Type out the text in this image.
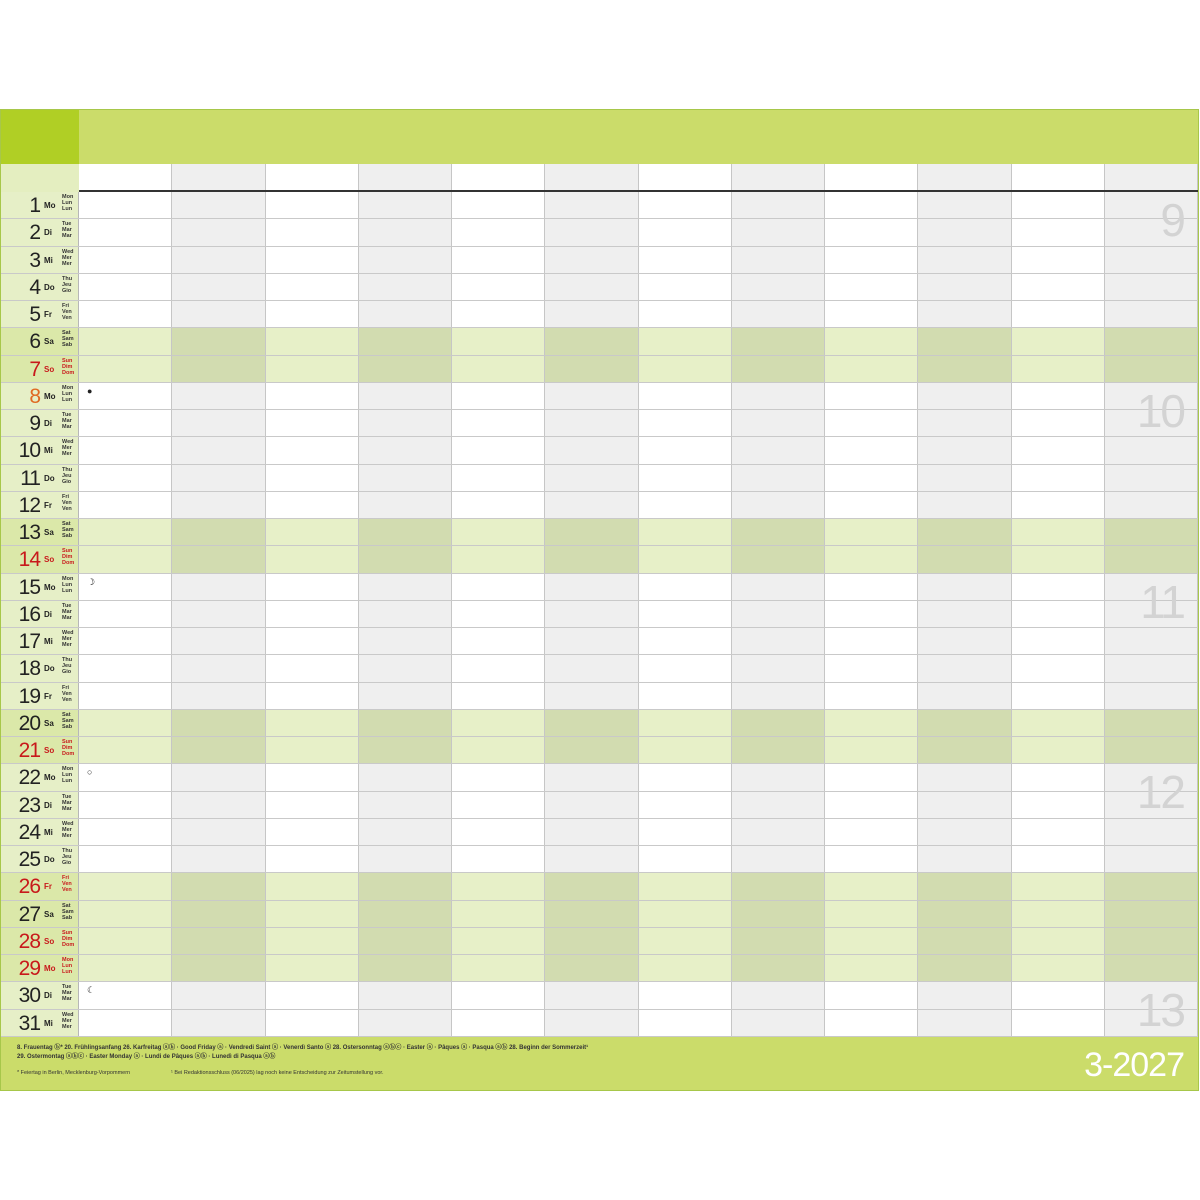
1 Mo
Mon
Lun
Lun
2 Di
Tue
Mar
Mar
3 Mi
Wed
Mer
Mer
4 Do
Thu
Jeu
Gio
5 Fr
Fri
Ven
Ven
6 Sa
Sat
Sam
Sab
7 So
Sun
Dim
Dom
8 Mo
Mon
Lun
Lun
●
9 Di
Tue
Mar
Mar
10 Mi
Wed
Mer
Mer
11 Do
Thu
Jeu
Gio
12 Fr
Fri
Ven
Ven
13 Sa
Sat
Sam
Sab
14 So
Sun
Dim
Dom
15 Mo
Mon
Lun
Lun
☽
16 Di
Tue
Mar
Mar
17 Mi
Wed
Mer
Mer
18 Do
Thu
Jeu
Gio
19 Fr
Fri
Ven
Ven
20 Sa
Sat
Sam
Sab
21 So
Sun
Dim
Dom
22 Mo
Mon
Lun
Lun
○
23 Di
Tue
Mar
Mar
24 Mi
Wed
Mer
Mer
25 Do
Thu
Jeu
Gio
26 Fr
Fri
Ven
Ven
27 Sa
Sat
Sam
Sab
28 So
Sun
Dim
Dom
29 Mo
Mon
Lun
Lun
30 Di
Tue
Mar
Mar
☾
31 Mi
Wed
Mer
Mer
9
10
11
12
13
8. Frauentag ⓑ* 20. Frühlingsanfang 26. Karfreitag ⓐⓑ · Good Friday ⓐ · Vendredi Saint ⓐ · Venerdì Santo ⓐ 28. Ostersonntag ⓐⓑⓒ · Easter ⓐ · Pâques ⓐ · Pasqua ⓐⓑ 28. Beginn der Sommerzeit¹
29. Ostermontag ⓐⓑⓒ · Easter Monday ⓐ · Lundi de Pâques ⓐⓑ · Lunedì di Pasqua ⓐⓑ
* Feiertag in Berlin, Mecklenburg-Vorpommern	¹ Bei Redaktionsschluss (06/2025) lag noch keine Entscheidung zur Zeitumstellung vor.	3-2027
